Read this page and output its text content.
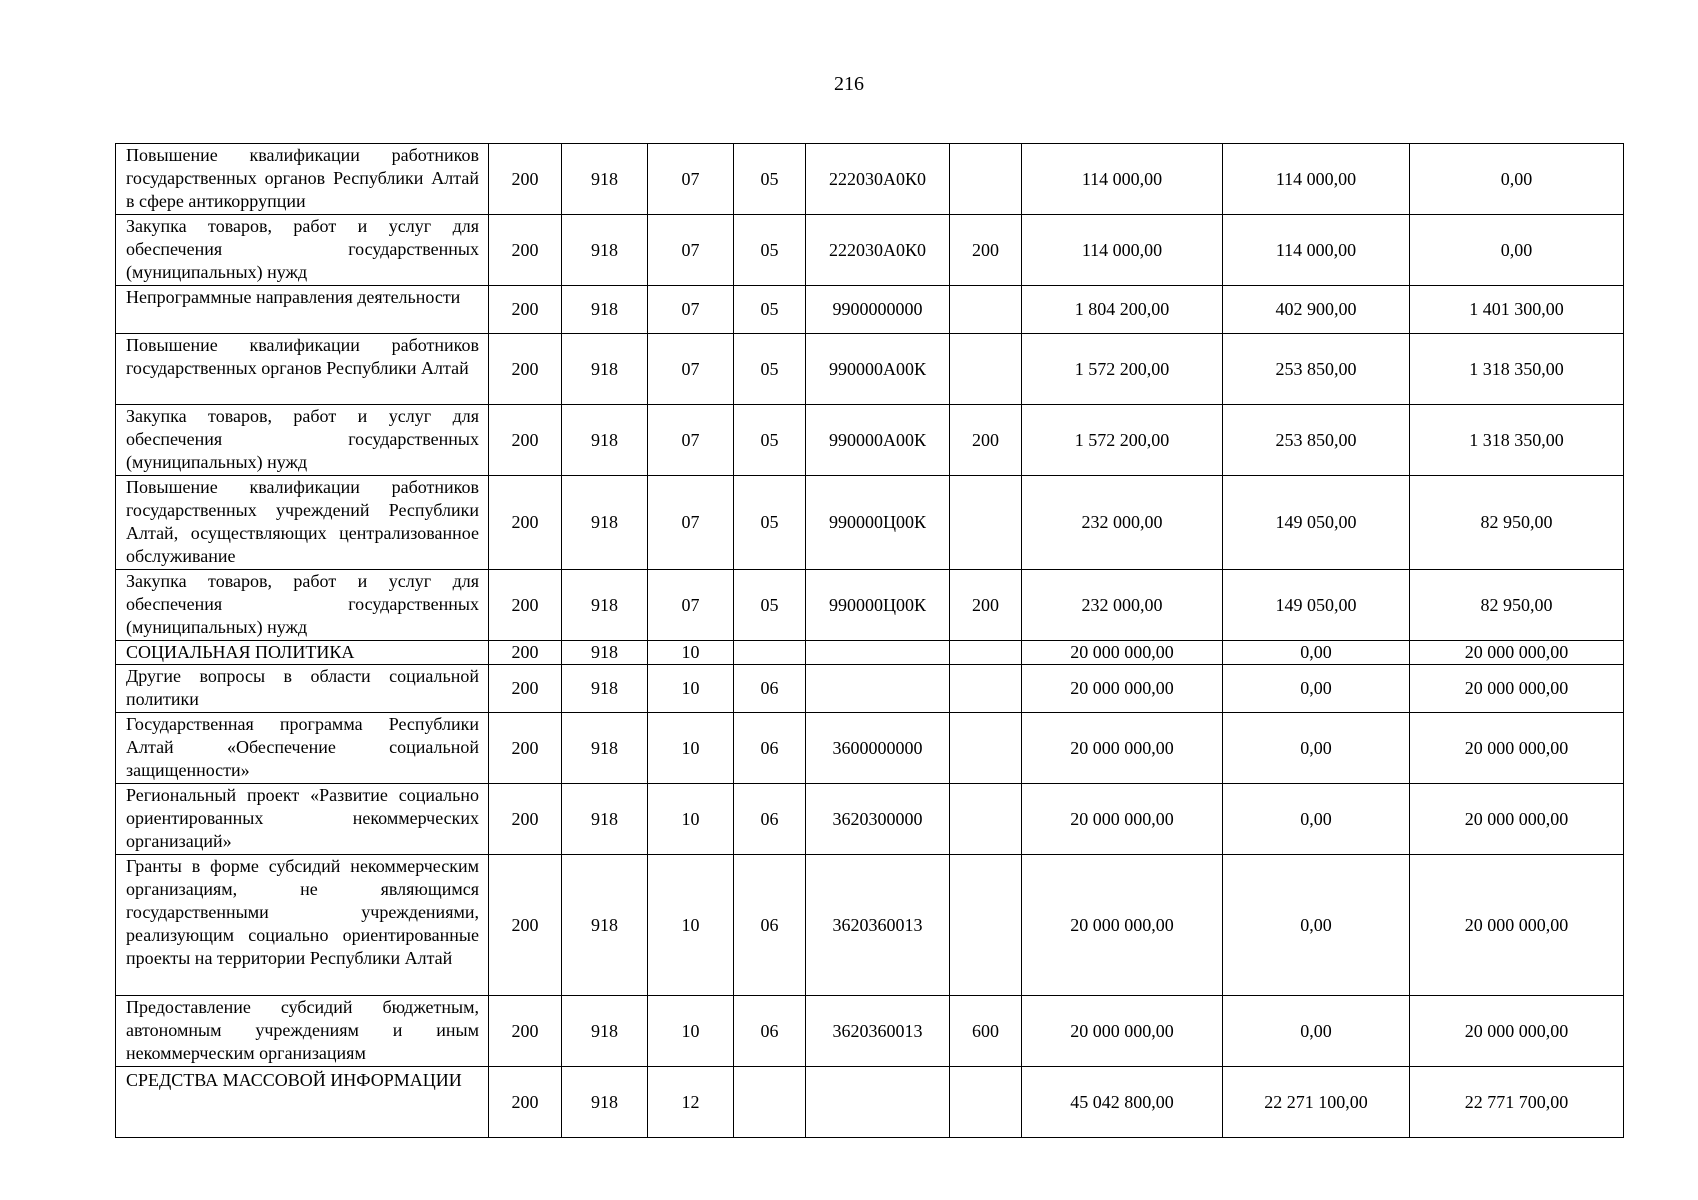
216
Повышение квалификации работников государственных органов Республики Алтай в сфере антикоррупции	200	918	07	05	222030А0К0		114 000,00	114 000,00	0,00
Закупка товаров, работ и услуг для обеспечения государственных (муниципальных) нужд	200	918	07	05	222030А0К0	200	114 000,00	114 000,00	0,00
Непрограммные направления деятельности	200	918	07	05	9900000000		1 804 200,00	402 900,00	1 401 300,00
Повышение квалификации работников государственных органов Республики Алтай	200	918	07	05	990000А00К		1 572 200,00	253 850,00	1 318 350,00
Закупка товаров, работ и услуг для обеспечения государственных (муниципальных) нужд	200	918	07	05	990000А00К	200	1 572 200,00	253 850,00	1 318 350,00
Повышение квалификации работников государственных учреждений Республики Алтай, осуществляющих централизованное обслуживание	200	918	07	05	990000Ц00К		232 000,00	149 050,00	82 950,00
Закупка товаров, работ и услуг для обеспечения государственных (муниципальных) нужд	200	918	07	05	990000Ц00К	200	232 000,00	149 050,00	82 950,00
СОЦИАЛЬНАЯ ПОЛИТИКА	200	918	10				20 000 000,00	0,00	20 000 000,00
Другие вопросы в области социальной политики	200	918	10	06			20 000 000,00	0,00	20 000 000,00
Государственная программа Республики Алтай «Обеспечение социальной защищенности»	200	918	10	06	3600000000		20 000 000,00	0,00	20 000 000,00
Региональный проект «Развитие социально ориентированных некоммерческих организаций»	200	918	10	06	3620300000		20 000 000,00	0,00	20 000 000,00
Гранты в форме субсидий некоммерческим организациям, не являющимся государственными учреждениями, реализующим социально ориентированные проекты на территории Республики Алтай	200	918	10	06	3620360013		20 000 000,00	0,00	20 000 000,00
Предоставление субсидий бюджетным, автономным учреждениям и иным некоммерческим организациям	200	918	10	06	3620360013	600	20 000 000,00	0,00	20 000 000,00
СРЕДСТВА МАССОВОЙ ИНФОРМАЦИИ	200	918	12				45 042 800,00	22 271 100,00	22 771 700,00
